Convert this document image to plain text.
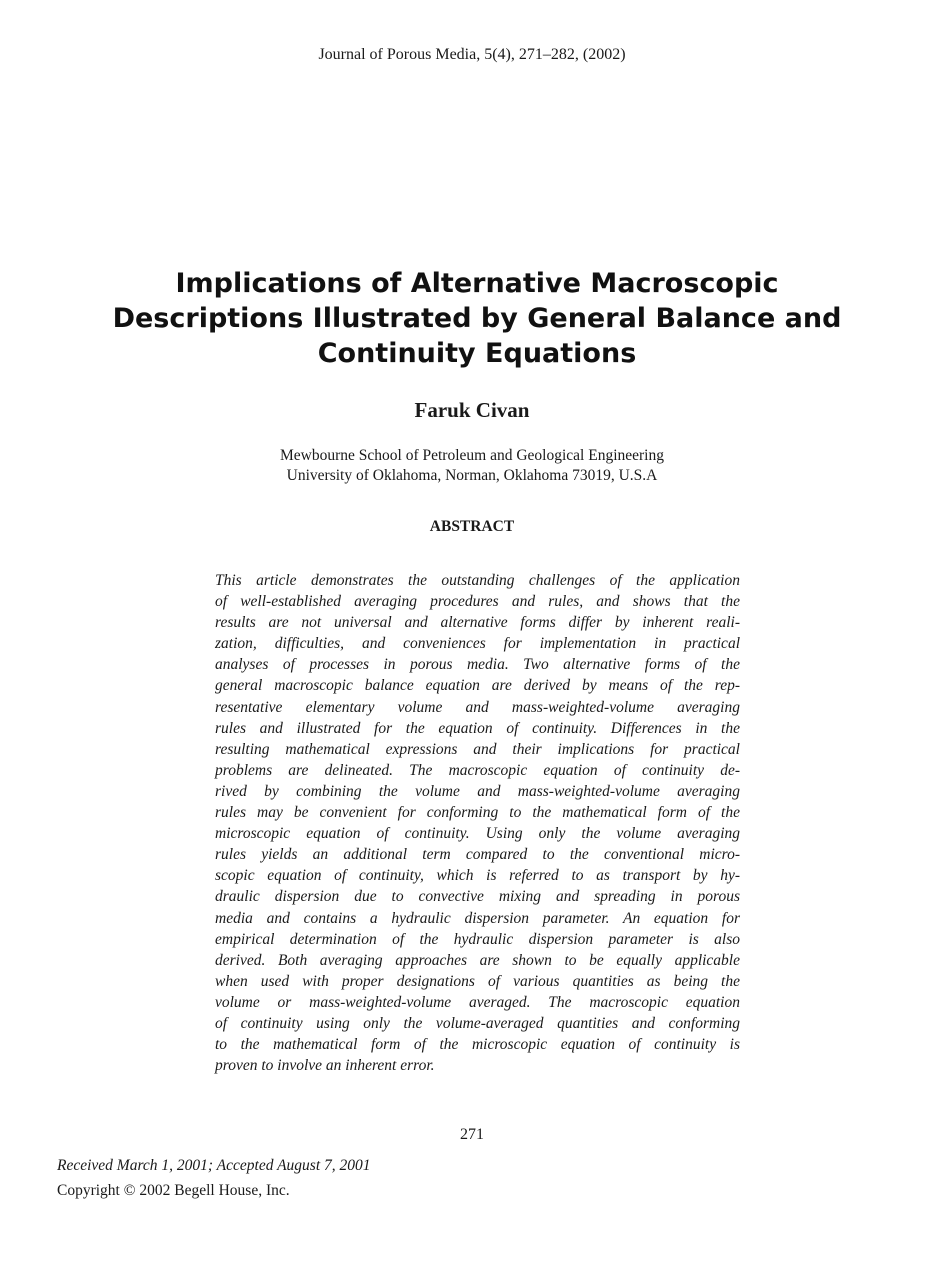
Journal of Porous Media, 5(4), 271–282, (2002)
Implications of Alternative Macroscopic
Descriptions Illustrated by General Balance and
Continuity Equations
Faruk Civan
Mewbourne School of Petroleum and Geological Engineering
University of Oklahoma, Norman, Oklahoma 73019, U.S.A
ABSTRACT
This article demonstrates the outstanding challenges of the application
of well-established averaging procedures and rules, and shows that the
results are not universal and alternative forms differ by inherent reali-
zation, difficulties, and conveniences for implementation in practical
analyses of processes in porous media. Two alternative forms of the
general macroscopic balance equation are derived by means of the rep-
resentative elementary volume and mass-weighted-volume averaging
rules and illustrated for the equation of continuity. Differences in the
resulting mathematical expressions and their implications for practical
problems are delineated. The macroscopic equation of continuity de-
rived by combining the volume and mass-weighted-volume averaging
rules may be convenient for conforming to the mathematical form of the
microscopic equation of continuity. Using only the volume averaging
rules yields an additional term compared to the conventional micro-
scopic equation of continuity, which is referred to as transport by hy-
draulic dispersion due to convective mixing and spreading in porous
media and contains a hydraulic dispersion parameter. An equation for
empirical determination of the hydraulic dispersion parameter is also
derived. Both averaging approaches are shown to be equally applicable
when used with proper designations of various quantities as being the
volume or mass-weighted-volume averaged. The macroscopic equation
of continuity using only the volume-averaged quantities and conforming
to the mathematical form of the microscopic equation of continuity is
proven to involve an inherent error.
271
Received March 1, 2001; Accepted August 7, 2001
Copyright © 2002 Begell House, Inc.
